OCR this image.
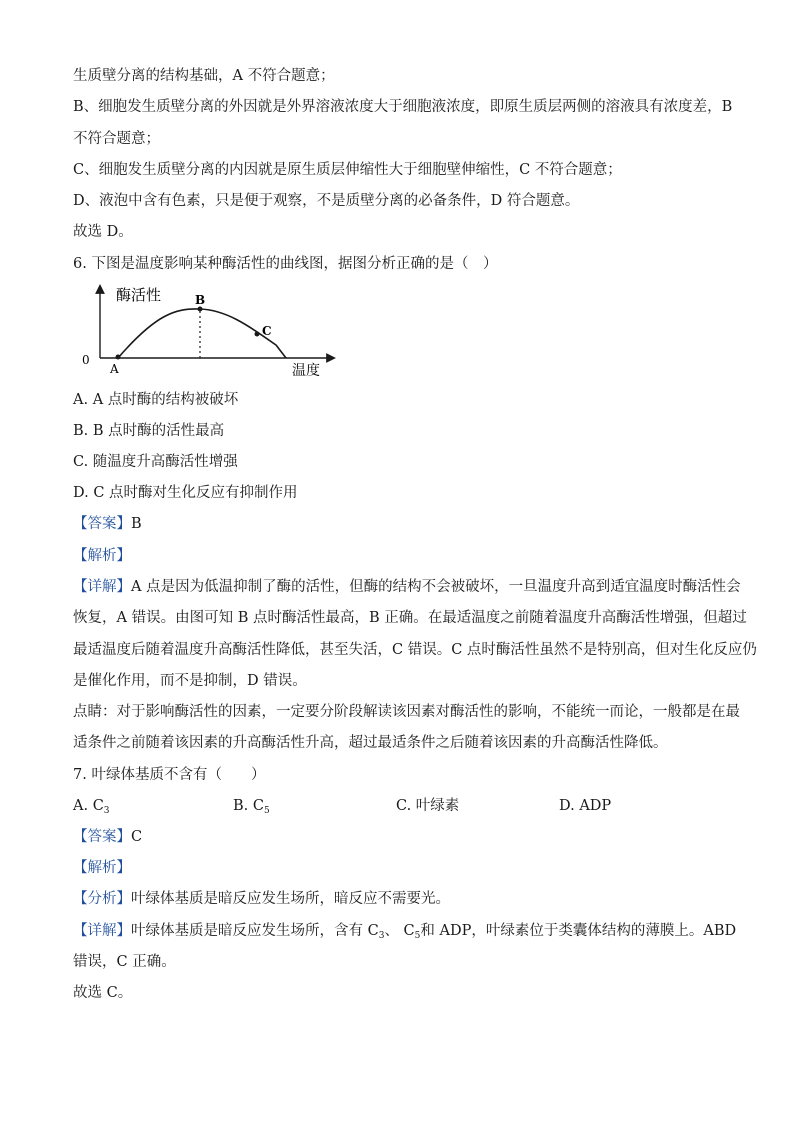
生质壁分离的结构基础，A 不符合题意；
B、细胞发生质壁分离的外因就是外界溶液浓度大于细胞液浓度，即原生质层两侧的溶液具有浓度差，B
不符合题意；
C、细胞发生质壁分离的内因就是原生质层伸缩性大于细胞壁伸缩性，C 不符合题意；
D、液泡中含有色素，只是便于观察，不是质壁分离的必备条件，D 符合题意。
故选 D。
6. 下图是温度影响某种酶活性的曲线图，据图分析正确的是（　）
酶活性
温度
0
A
B
C
A. A 点时酶的结构被破坏
B. B 点时酶的活性最高
C. 随温度升高酶活性增强
D. C 点时酶对生化反应有抑制作用
【答案】B
【解析】
【详解】A 点是因为低温抑制了酶的活性，但酶的结构不会被破坏，一旦温度升高到适宜温度时酶活性会
恢复，A 错误。由图可知 B 点时酶活性最高，B 正确。在最适温度之前随着温度升高酶活性增强，但超过
最适温度后随着温度升高酶活性降低，甚至失活，C 错误。C 点时酶活性虽然不是特别高，但对生化反应仍
是催化作用，而不是抑制，D 错误。
点睛：对于影响酶活性的因素，一定要分阶段解读该因素对酶活性的影响，不能统一而论，一般都是在最
适条件之前随着该因素的升高酶活性升高，超过最适条件之后随着该因素的升高酶活性降低。
7. 叶绿体基质不含有（　　）
A. $C_3$	B. $C_5$	C. 叶绿素	D. ADP
【答案】C
【解析】
【分析】叶绿体基质是暗反应发生场所，暗反应不需要光。
【详解】叶绿体基质是暗反应发生场所，含有 $C_3$、 $C_5$和 ADP，叶绿素位于类囊体结构的薄膜上。ABD
错误，C 正确。
故选 C。
